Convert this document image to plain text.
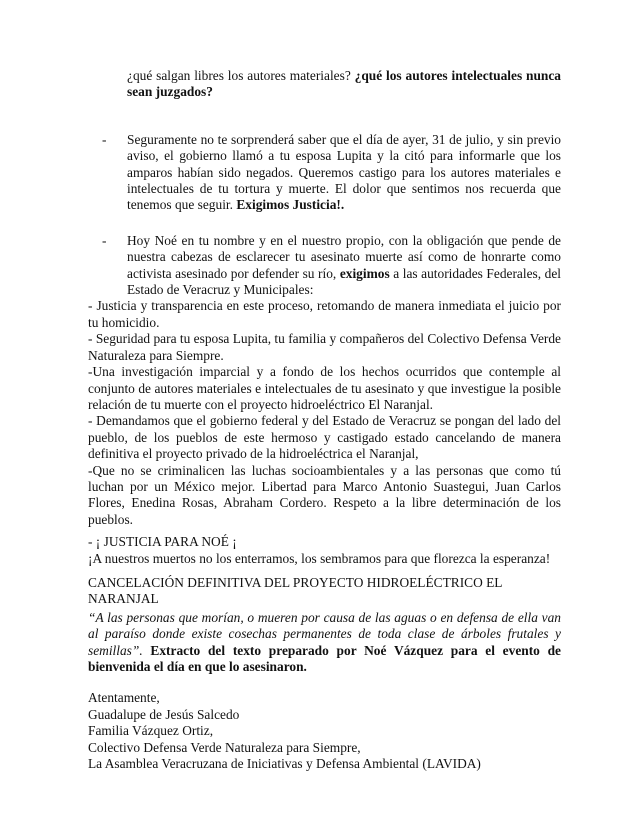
¿qué salgan libres los autores materiales? ¿qué los autores intelectuales nunca sean juzgados?

- Seguramente no te sorprenderá saber que el día de ayer, 31 de julio, y sin previo aviso, el gobierno llamó a tu esposa Lupita y la citó para informarle que los amparos habían sido negados. Queremos castigo para los autores materiales e intelectuales de tu tortura y muerte. El dolor que sentimos nos recuerda que tenemos que seguir. Exigimos Justicia!.

- Hoy Noé en tu nombre y en el nuestro propio, con la obligación que pende de nuestra cabezas de esclarecer tu asesinato muerte así como de honrarte como activista asesinado por defender su río, exigimos a las autoridades Federales, del Estado de Veracruz y Municipales:

- Justicia y transparencia en este proceso, retomando de manera inmediata el juicio por tu homicidio.

- Seguridad para tu esposa Lupita, tu familia y compañeros del Colectivo Defensa Verde Naturaleza para Siempre.

-Una investigación imparcial y a fondo de los hechos ocurridos que contemple al conjunto de autores materiales e intelectuales de tu asesinato y que investigue la posible relación de tu muerte con el proyecto hidroeléctrico El Naranjal.

- Demandamos que el gobierno federal y del Estado de Veracruz se pongan del lado del pueblo, de los pueblos de este hermoso y castigado estado cancelando de manera definitiva el proyecto privado de la hidroeléctrica el Naranjal,

-Que no se criminalicen las luchas socioambientales y a las personas que como tú luchan por un México mejor. Libertad para Marco Antonio Suastegui, Juan Carlos Flores, Enedina Rosas, Abraham Cordero. Respeto a la libre determinación de los pueblos.

- ¡ JUSTICIA PARA NOÉ ¡

¡A nuestros muertos no los enterramos, los sembramos para que florezca la esperanza!

CANCELACIÓN DEFINITIVA DEL PROYECTO HIDROELÉCTRICO EL NARANJAL

“A las personas que morían, o mueren por causa de las aguas o en defensa de ella van al paraíso donde existe cosechas permanentes de toda clase de árboles frutales y semillas”. Extracto del texto preparado por Noé Vázquez para el evento de bienvenida el día en que lo asesinaron.

Atentamente,
Guadalupe de Jesús Salcedo
Familia Vázquez Ortiz,
Colectivo Defensa Verde Naturaleza para Siempre,
La Asamblea Veracruzana de Iniciativas y Defensa Ambiental (LAVIDA)
